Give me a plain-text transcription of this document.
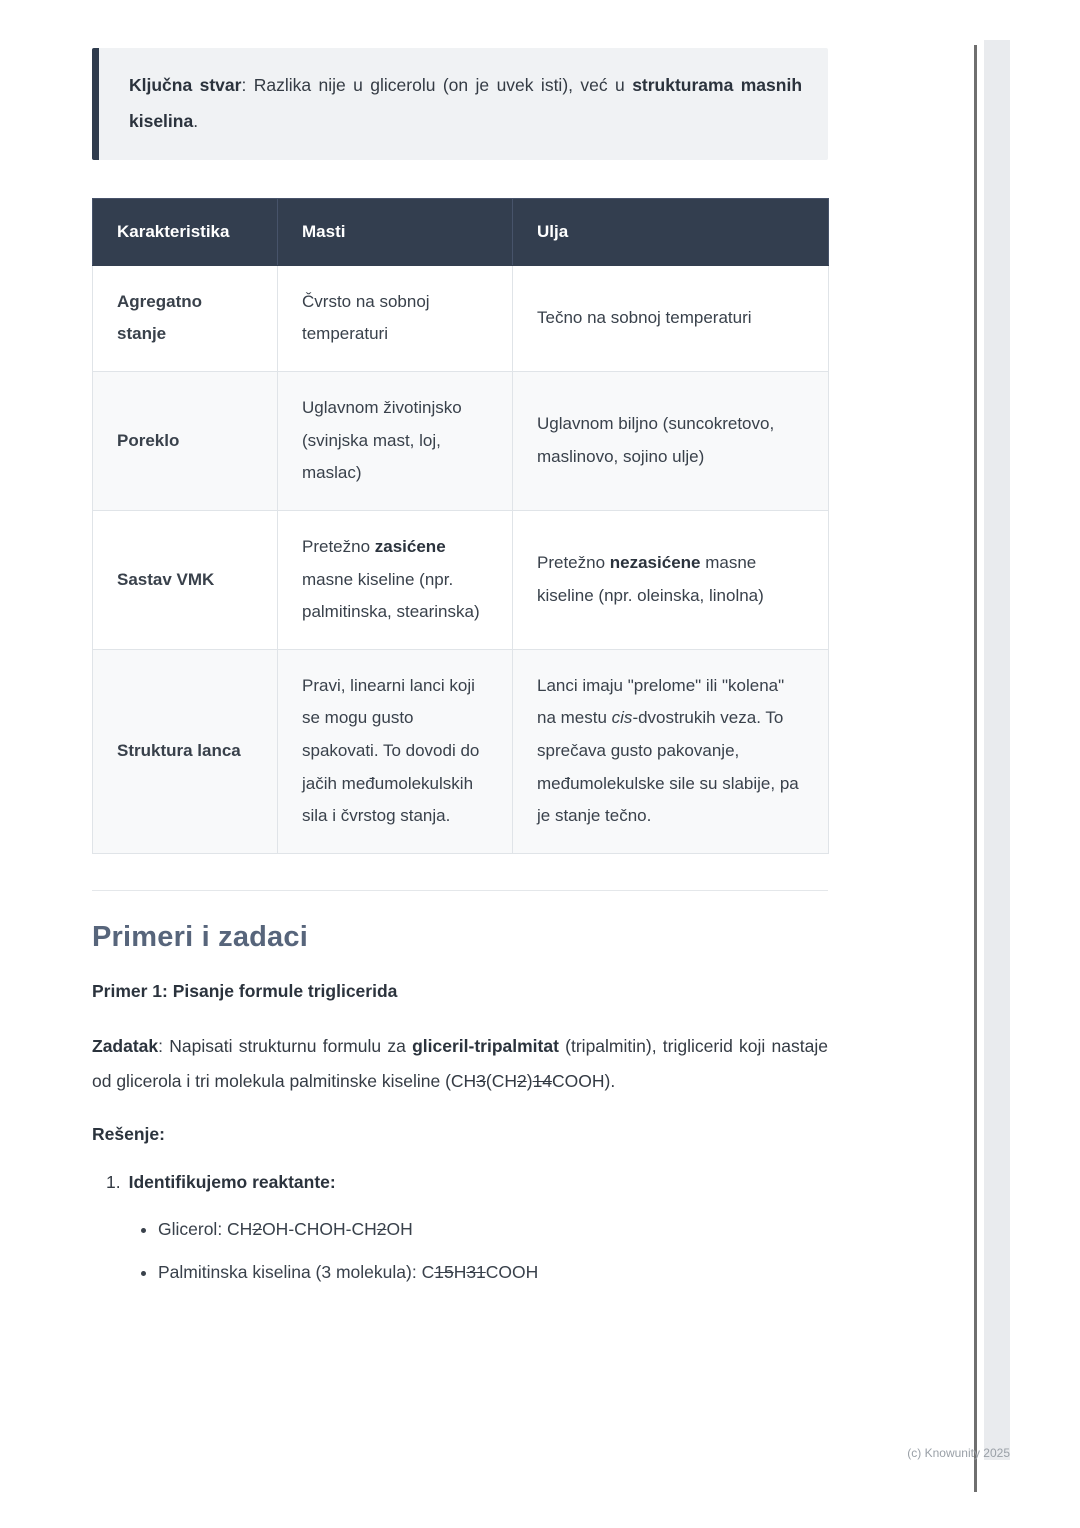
Ključna stvar: Razlika nije u glicerolu (on je uvek isti), već u strukturama masnih kiselina.

Karakteristika	Masti	Ulja
Agregatno stanje	Čvrsto na sobnoj temperaturi	Tečno na sobnoj temperaturi
Poreklo	Uglavnom životinjsko (svinjska mast, loj, maslac)	Uglavnom biljno (suncokretovo, maslinovo, sojino ulje)
Sastav VMK	Pretežno zasićene masne kiseline (npr. palmitinska, stearinska)	Pretežno nezasićene masne kiseline (npr. oleinska, linolna)
Struktura lanca	Pravi, linearni lanci koji se mogu gusto spakovati. To dovodi do jačih međumolekulskih sila i čvrstog stanja.	Lanci imaju "prelome" ili "kolena" na mestu cis-dvostrukih veza. To sprečava gusto pakovanje, međumolekulske sile su slabije, pa je stanje tečno.
Primeri i zadaci

Primer 1: Pisanje formule triglicerida

Zadatak: Napisati strukturnu formulu za gliceril-tripalmitat (tripalmitin), triglicerid koji nastaje od glicerola i tri molekula palmitinske kiseline (CH3(CH2)14COOH).

Rešenje:

1. Identifikujemo reaktante:
• Glicerol: CH2OH-CHOH-CH2OH
• Palmitinska kiselina (3 molekula): C15H31COOH
(c) Knowunity 2025
